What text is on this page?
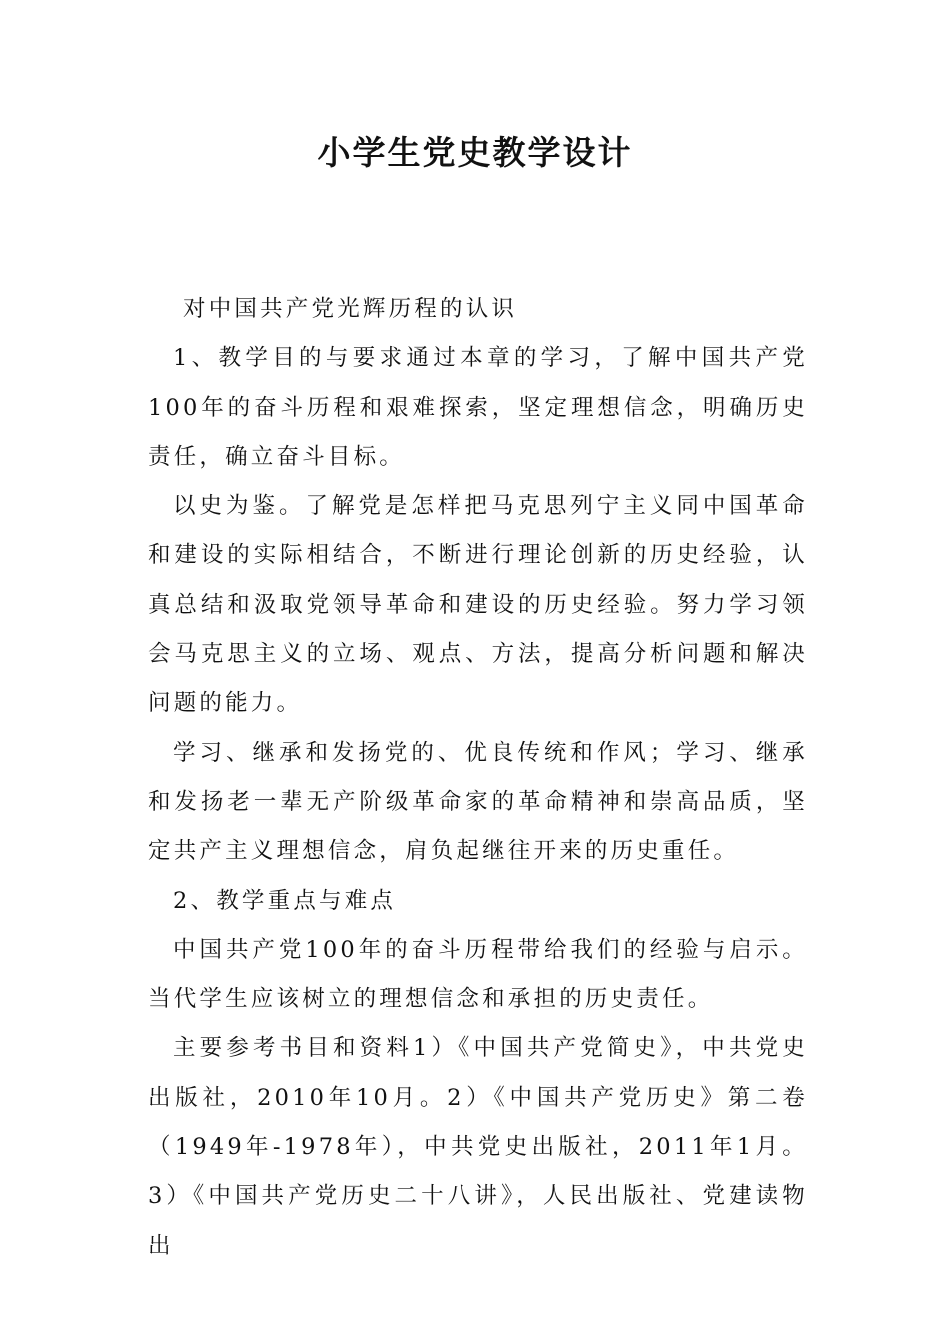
小学生党史教学设计

对中国共产党光辉历程的认识

1、教学目的与要求通过本章的学习，了解中国共产党100年的奋斗历程和艰难探索，坚定理想信念，明确历史责任，确立奋斗目标。

以史为鉴。了解党是怎样把马克思列宁主义同中国革命和建设的实际相结合，不断进行理论创新的历史经验，认真总结和汲取党领导革命和建设的历史经验。努力学习领会马克思主义的立场、观点、方法，提高分析问题和解决问题的能力。

学习、继承和发扬党的、优良传统和作风；学习、继承和发扬老一辈无产阶级革命家的革命精神和崇高品质，坚定共产主义理想信念，肩负起继往开来的历史重任。

2、教学重点与难点

中国共产党100年的奋斗历程带给我们的经验与启示。当代学生应该树立的理想信念和承担的历史责任。

主要参考书目和资料1）《中国共产党简史》，中共党史出版社，2010年10月。2）《中国共产党历史》第二卷（1949年-1978年），中共党史出版社，2011年1月。3）《中国共产党历史二十八讲》，人民出版社、党建读物出
